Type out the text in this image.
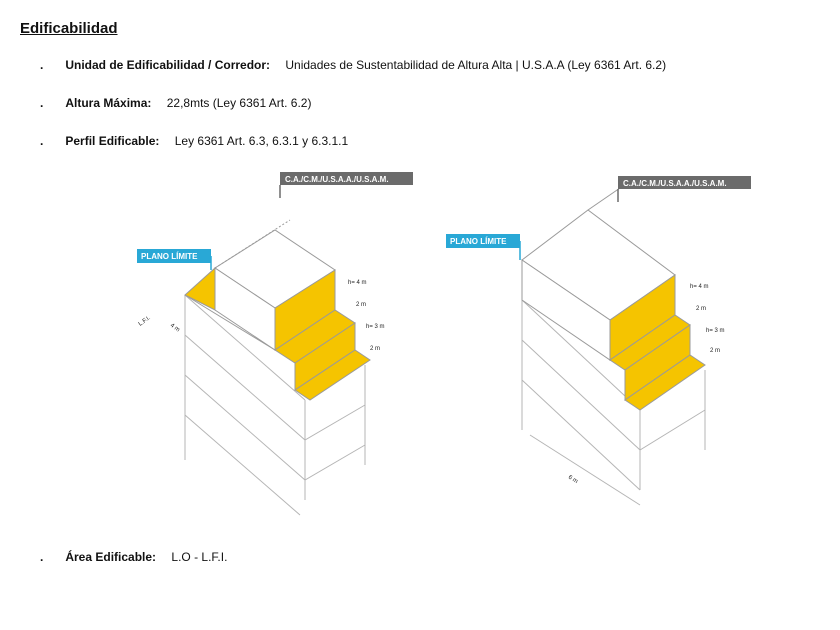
Edificabilidad
. Unidad de Edificabilidad / Corredor: Unidades de Sustentabilidad de Altura Alta | U.S.A.A (Ley 6361 Art. 6.2)
. Altura Máxima: 22,8mts (Ley 6361 Art. 6.2)
. Perfil Edificable: Ley 6361 Art. 6.3, 6.3.1 y 6.3.1.1
C.A./C.M./U.S.A.A./U.S.A.M.
PLANO LÍMITE
h= 4 m
2 m
h= 3 m
2 m
L.F.I.
4 m
C.A./C.M./U.S.A.A./U.S.A.M.
PLANO LÍMITE
h= 4 m
2 m
h= 3 m
2 m
6 m
. Área Edificable: L.O - L.F.I.
